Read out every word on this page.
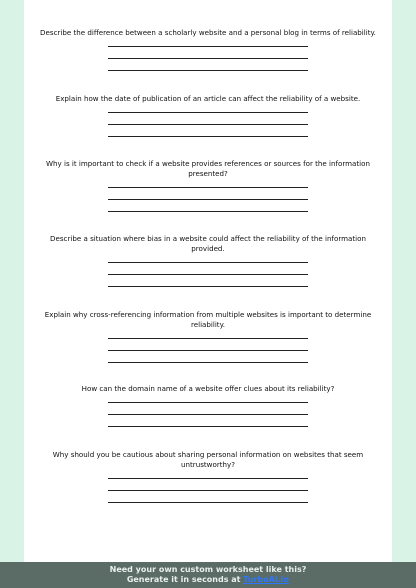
Describe the difference between a scholarly website and a personal blog in terms of reliability.
Explain how the date of publication of an article can affect the reliability of a website.
Why is it important to check if a website provides references or sources for the information presented?
Describe a situation where bias in a website could affect the reliability of the information provided.
Explain why cross-referencing information from multiple websites is important to determine reliability.
How can the domain name of a website offer clues about its reliability?
Why should you be cautious about sharing personal information on websites that seem untrustworthy?
Need your own custom worksheet like this?
Generate it in seconds at TurboAI.io
